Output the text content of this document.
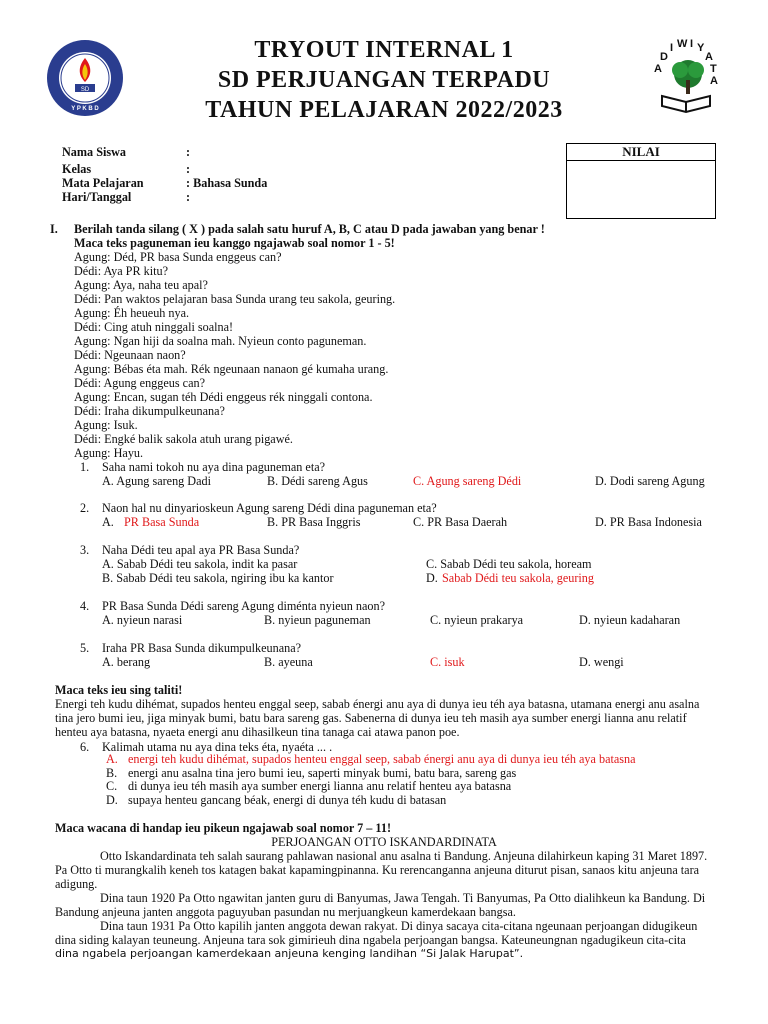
SD
Y P K B D
ADI W I Y A T A
TRYOUT INTERNAL 1
SD PERJUANGAN TERPADU
TAHUN PELAJARAN 2022/2023
Nama Siswa	:
Kelas	:
Mata Pelajaran	: Bahasa Sunda
Hari/Tanggal	:
NILAI
I. Berilah tanda silang ( X ) pada salah satu huruf A, B, C atau D pada jawaban yang benar !
Maca teks paguneman ieu kanggo ngajawab soal nomor 1 - 5!
Agung: Déd, PR basa Sunda enggeus can?
Dédi: Aya PR kitu?
Agung: Aya, naha teu apal?
Dédi: Pan waktos pelajaran basa Sunda urang teu sakola, geuring.
Agung: Éh heueuh nya.
Dédi: Cing atuh ninggali soalna!
Agung: Ngan hiji da soalna mah. Nyieun conto paguneman.
Dédi: Ngeunaan naon?
Agung: Bébas éta mah. Rék ngeunaan nanaon gé kumaha urang.
Dédi: Agung enggeus can?
Agung: Encan, sugan téh Dédi enggeus rék ninggali contona.
Dédi: Iraha dikumpulkeunana?
Agung: Isuk.
Dédi: Engké balik sakola atuh urang pigawé.
Agung: Hayu.
1. Saha nami tokoh nu aya dina paguneman eta?
A. Agung sareng Dadi	B. Dédi sareng Agus	C. Agung sareng Dédi	D. Dodi sareng Agung
2. Naon hal nu dinyarioskeun Agung sareng Dédi dina paguneman eta?
A. PR Basa Sunda	B. PR Basa Inggris	C. PR Basa Daerah	D. PR Basa Indonesia
3. Naha Dédi teu apal aya PR Basa Sunda?
A. Sabab Dédi teu sakola, indit ka pasar	C. Sabab Dédi teu sakola, hoream
B. Sabab Dédi teu sakola, ngiring ibu ka kantor	D. Sabab Dédi teu sakola, geuring
4. PR Basa Sunda Dédi sareng Agung diménta nyieun naon?
A. nyieun narasi	B. nyieun paguneman	C. nyieun prakarya	D. nyieun kadaharan
5. Iraha PR Basa Sunda dikumpulkeunana?
A. berang	B. ayeuna	C. isuk	D. wengi
Maca teks ieu sing taliti!
Energi teh kudu dihémat, supados henteu enggal seep, sabab énergi anu aya di dunya ieu téh aya batasna, utamana energi anu asalna tina jero bumi ieu, jiga minyak bumi, batu bara sareng gas. Sabenerna di dunya ieu teh masih aya sumber energi lianna anu relatif henteu aya batasna, nyaeta energi anu dihasilkeun tina tanaga cai atawa panon poe.
6. Kalimah utama nu aya dina teks éta, nyaéta ... .
A. energi teh kudu dihémat, supados henteu enggal seep, sabab énergi anu aya di dunya ieu téh aya batasna
B. energi anu asalna tina jero bumi ieu, saperti minyak bumi, batu bara, sareng gas
C. di dunya ieu téh masih aya sumber energi lianna anu relatif henteu aya batasna
D. supaya henteu gancang béak, energi di dunya téh kudu di batasan
Maca wacana di handap ieu pikeun ngajawab soal nomor 7 – 11!
PERJOANGAN OTTO ISKANDARDINATA
Otto Iskandardinata teh salah saurang pahlawan nasional anu asalna ti Bandung. Anjeuna dilahirkeun kaping 31 Maret 1897. Pa Otto ti murangkalih keneh tos katagen bakat kapamingpinanna. Ku rerencanganna anjeuna diturut pisan, sanaos kitu anjeuna tara adigung.
Dina taun 1920 Pa Otto ngawitan janten guru di Banyumas, Jawa Tengah. Ti Banyumas, Pa Otto dialihkeun ka Bandung. Di Bandung anjeuna janten anggota paguyuban pasundan nu merjuangkeun kamerdekaan bangsa.
Dina taun 1931 Pa Otto kapilih janten anggota dewan rakyat. Di dinya sacaya cita-citana ngeunaan perjoangan didugikeun dina siding kalayan teuneung. Anjeuna tara sok gimirieuh dina ngabela perjoangan bangsa. Kateuneungnan ngadugikeun cita-cita
dina ngabela perjoangan kamerdekaan anjeuna kenging landihan “Si Jalak Harupat”.
